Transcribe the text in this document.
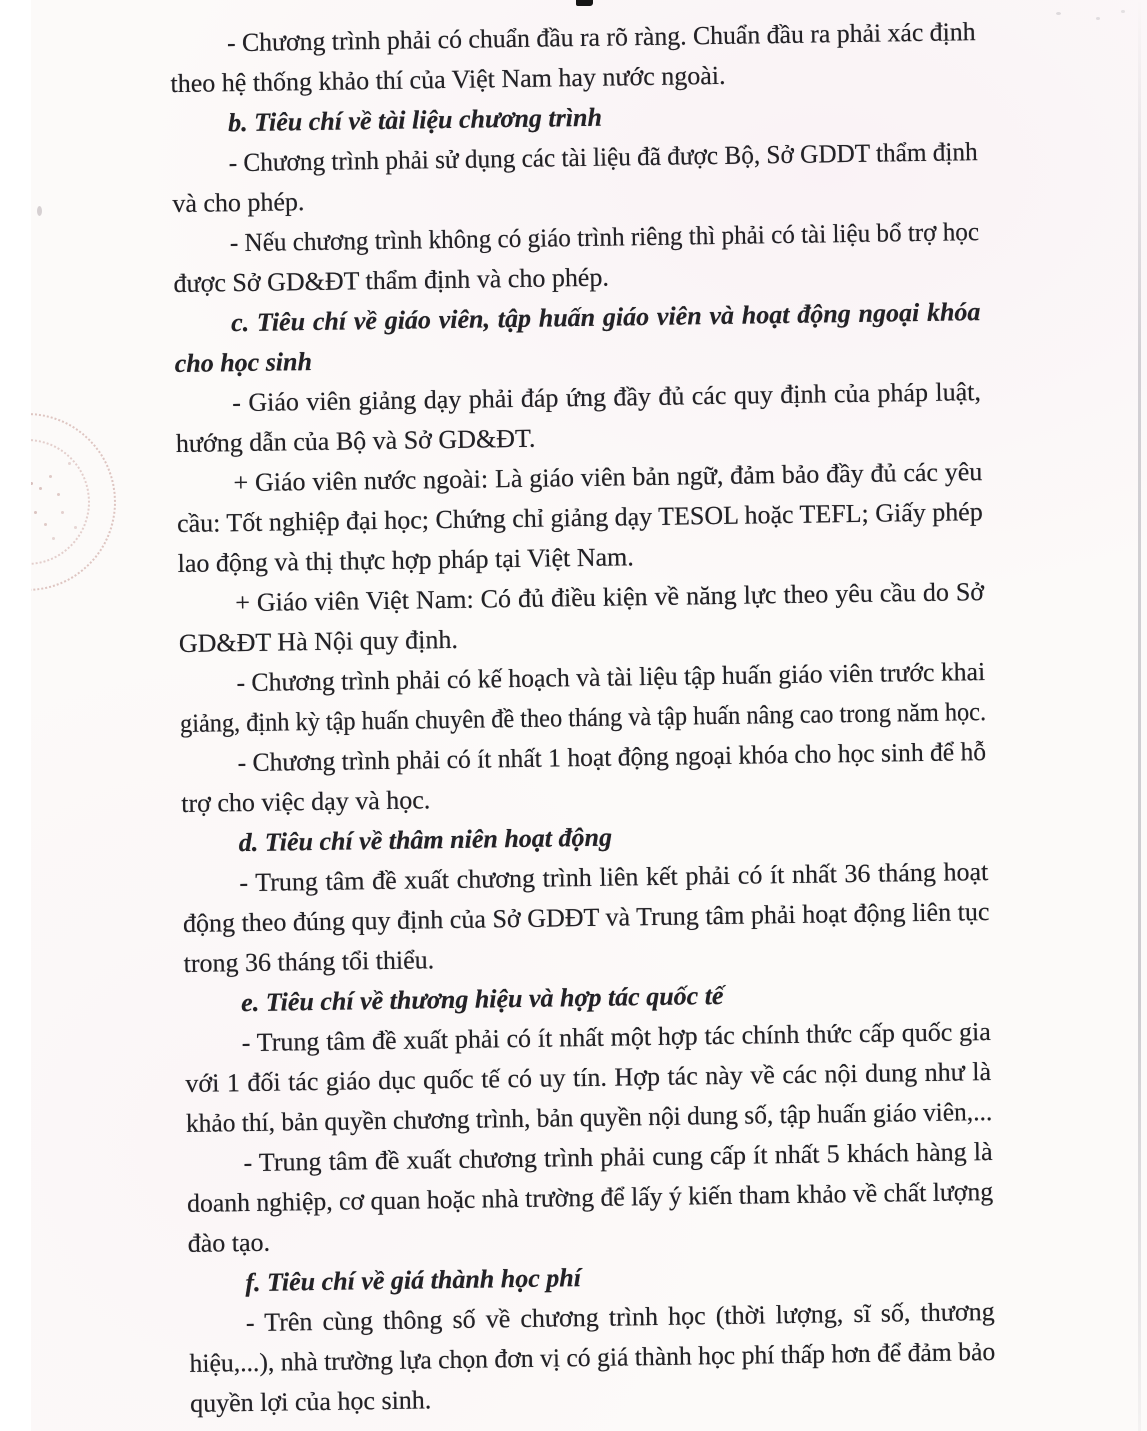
- Chương trình phải có chuẩn đầu ra rõ ràng. Chuẩn đầu ra phải xác định
theo hệ thống khảo thí của Việt Nam hay nước ngoài.
b. Tiêu chí về tài liệu chương trình
- Chương trình phải sử dụng các tài liệu đã được Bộ, Sở GDDT thẩm định
và cho phép.
- Nếu chương trình không có giáo trình riêng thì phải có tài liệu bổ trợ học
được Sở GD&ĐT thẩm định và cho phép.
c. Tiêu chí về giáo viên, tập huấn giáo viên và hoạt động ngoại khóa
cho học sinh
- Giáo viên giảng dạy phải đáp ứng đầy đủ các quy định của pháp luật,
hướng dẫn của Bộ và Sở GD&ĐT.
+ Giáo viên nước ngoài: Là giáo viên bản ngữ, đảm bảo đầy đủ các yêu
cầu: Tốt nghiệp đại học; Chứng chỉ giảng dạy TESOL hoặc TEFL; Giấy phép
lao động và thị thực hợp pháp tại Việt Nam.
+ Giáo viên Việt Nam: Có đủ điều kiện về năng lực theo yêu cầu do Sở
GD&ĐT Hà Nội quy định.
- Chương trình phải có kế hoạch và tài liệu tập huấn giáo viên trước khai
giảng, định kỳ tập huấn chuyên đề theo tháng và tập huấn nâng cao trong năm học.
- Chương trình phải có ít nhất 1 hoạt động ngoại khóa cho học sinh để hỗ
trợ cho việc dạy và học.
d. Tiêu chí về thâm niên hoạt động
- Trung tâm đề xuất chương trình liên kết phải có ít nhất 36 tháng hoạt
động theo đúng quy định của Sở GDĐT và Trung tâm phải hoạt động liên tục
trong 36 tháng tổi thiểu.
e. Tiêu chí về thương hiệu và hợp tác quốc tế
- Trung tâm đề xuất phải có ít nhất một hợp tác chính thức cấp quốc gia
với 1 đối tác giáo dục quốc tế có uy tín. Hợp tác này về các nội dung như là
khảo thí, bản quyền chương trình, bản quyền nội dung số, tập huấn giáo viên,...
- Trung tâm đề xuất chương trình phải cung cấp ít nhất 5 khách hàng là
doanh nghiệp, cơ quan hoặc nhà trường để lấy ý kiến tham khảo về chất lượng
đào tạo.
f. Tiêu chí về giá thành học phí
- Trên cùng thông số về chương trình học (thời lượng, sĩ số, thương
hiệu,...), nhà trường lựa chọn đơn vị có giá thành học phí thấp hơn để đảm bảo
quyền lợi của học sinh.
